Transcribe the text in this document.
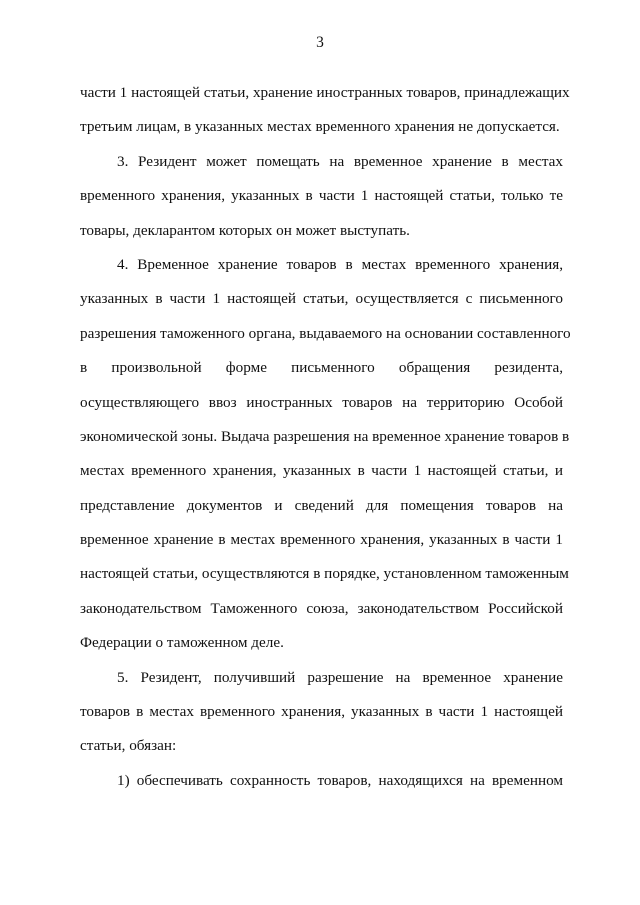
3
части 1 настоящей статьи, хранение иностранных товаров, принадлежащих
третьим лицам, в указанных местах временного хранения не допускается.
3. Резидент может помещать на временное хранение в местах
временного хранения, указанных в части 1 настоящей статьи, только те
товары, декларантом которых он может выступать.
4. Временное хранение товаров в местах временного хранения,
указанных в части 1 настоящей статьи, осуществляется с письменного
разрешения таможенного органа, выдаваемого на основании составленного
в произвольной форме письменного обращения резидента,
осуществляющего ввоз иностранных товаров на территорию Особой
экономической зоны. Выдача разрешения на временное хранение товаров в
местах временного хранения, указанных в части 1 настоящей статьи, и
представление документов и сведений для помещения товаров на
временное хранение в местах временного хранения, указанных в части 1
настоящей статьи, осуществляются в порядке, установленном таможенным
законодательством Таможенного союза, законодательством Российской
Федерации о таможенном деле.
5. Резидент, получивший разрешение на временное хранение
товаров в местах временного хранения, указанных в части 1 настоящей
статьи, обязан:
1) обеспечивать сохранность товаров, находящихся на временном
